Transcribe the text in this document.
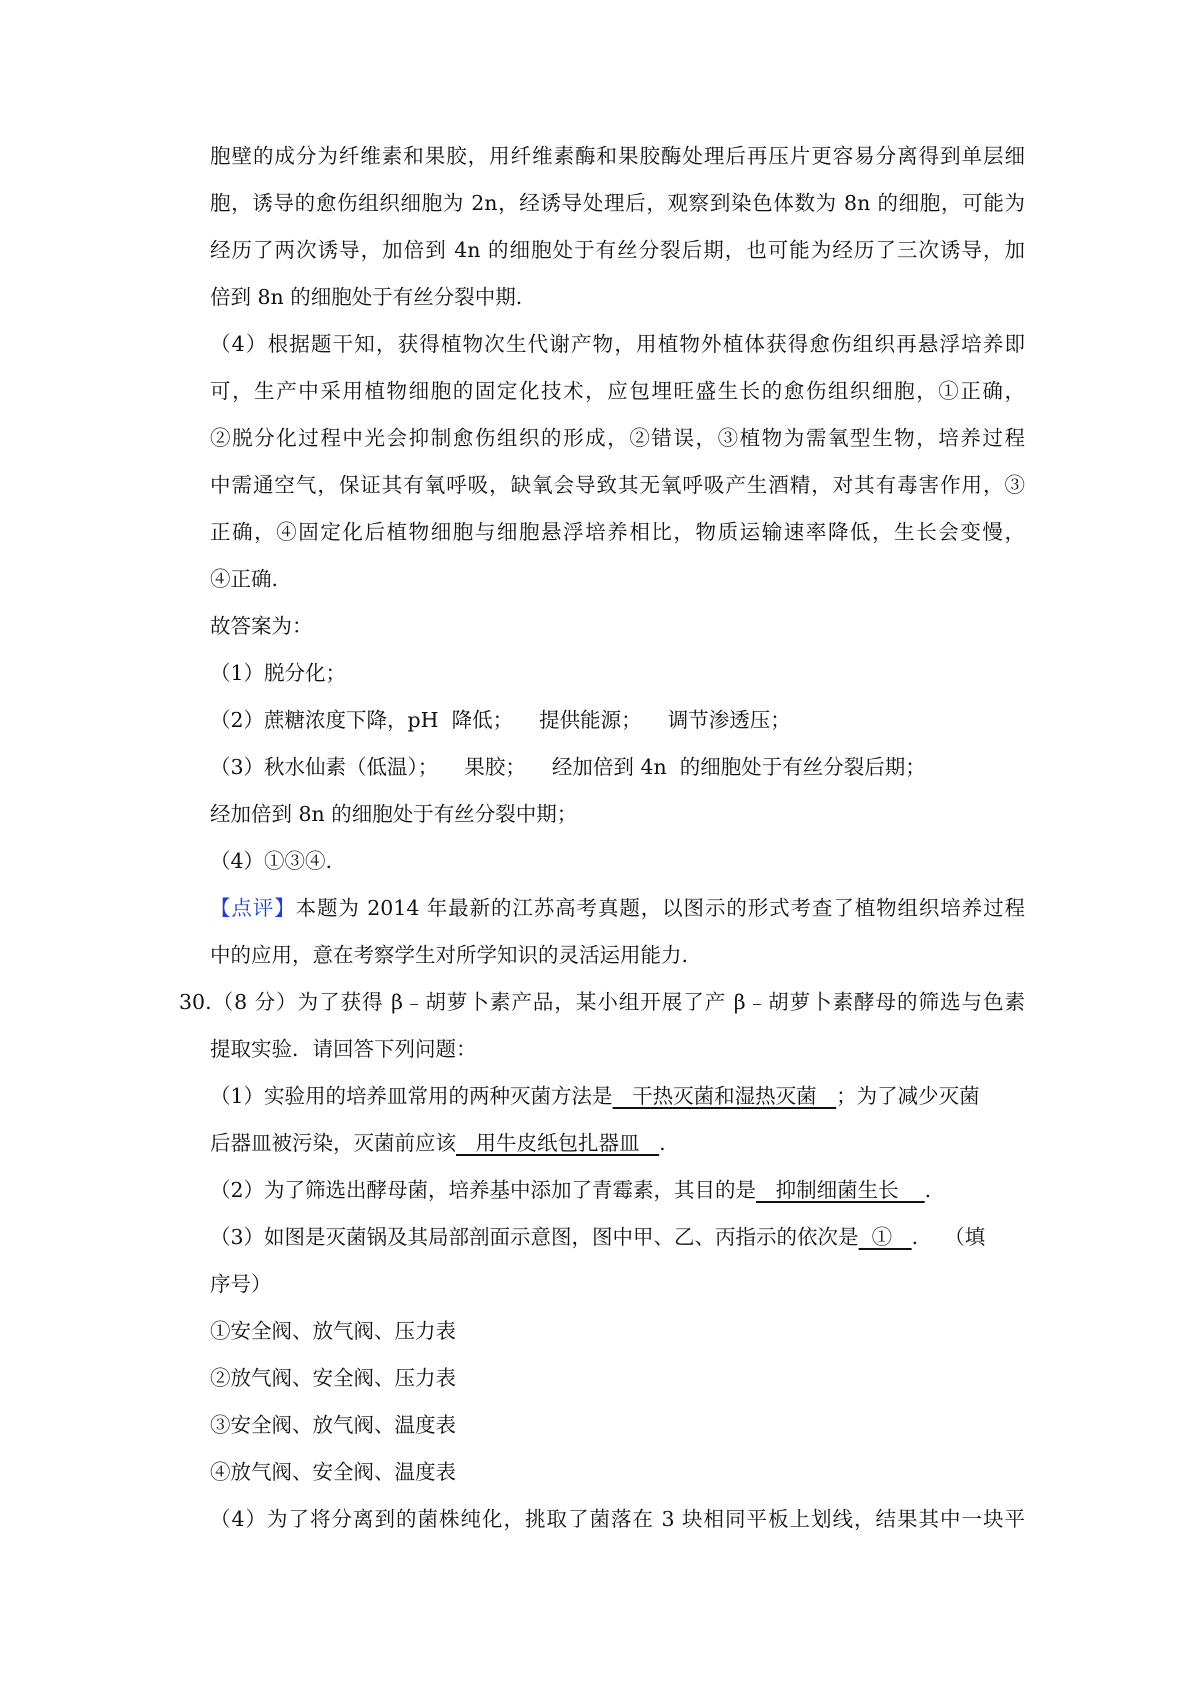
胞壁的成分为纤维素和果胶，用纤维素酶和果胶酶处理后再压片更容易分离得到单层细
胞，诱导的愈伤组织细胞为 2n，经诱导处理后，观察到染色体数为 8n 的细胞，可能为
经历了两次诱导，加倍到 4n 的细胞处于有丝分裂后期，也可能为经历了三次诱导，加
倍到 8n 的细胞处于有丝分裂中期.
（4）根据题干知，获得植物次生代谢产物，用植物外植体获得愈伤组织再悬浮培养即
可，生产中采用植物细胞的固定化技术，应包埋旺盛生长的愈伤组织细胞，①正确，
②脱分化过程中光会抑制愈伤组织的形成，②错误，③植物为需氧型生物，培养过程
中需通空气，保证其有氧呼吸，缺氧会导致其无氧呼吸产生酒精，对其有毒害作用，③
正确，④固定化后植物细胞与细胞悬浮培养相比，物质运输速率降低，生长会变慢，
④正确.
故答案为：
（1）脱分化；
（2）蔗糖浓度下降，pH  降低；    提供能源；    调节渗透压；
（3）秋水仙素（低温）；    果胶；    经加倍到 4n  的细胞处于有丝分裂后期；
经加倍到 8n 的细胞处于有丝分裂中期；
（4）①③④.
【点评】本题为 2014 年最新的江苏高考真题，以图示的形式考查了植物组织培养过程
中的应用，意在考察学生对所学知识的灵活运用能力.
30.（8 分）为了获得 β﹣胡萝卜素产品，某小组开展了产 β﹣胡萝卜素酵母的筛选与色素
提取实验．请回答下列问题：
（1）实验用的培养皿常用的两种灭菌方法是   干热灭菌和湿热灭菌   ；为了减少灭菌
后器皿被污染，灭菌前应该   用牛皮纸包扎器皿   .
（2）为了筛选出酵母菌，培养基中添加了青霉素，其目的是   抑制细菌生长    .
（3）如图是灭菌锅及其局部剖面示意图，图中甲、乙、丙指示的依次是  ①   .    （填
序号）
①安全阀、放气阀、压力表
②放气阀、安全阀、压力表
③安全阀、放气阀、温度表
④放气阀、安全阀、温度表
（4）为了将分离到的菌株纯化，挑取了菌落在 3 块相同平板上划线，结果其中一块平
